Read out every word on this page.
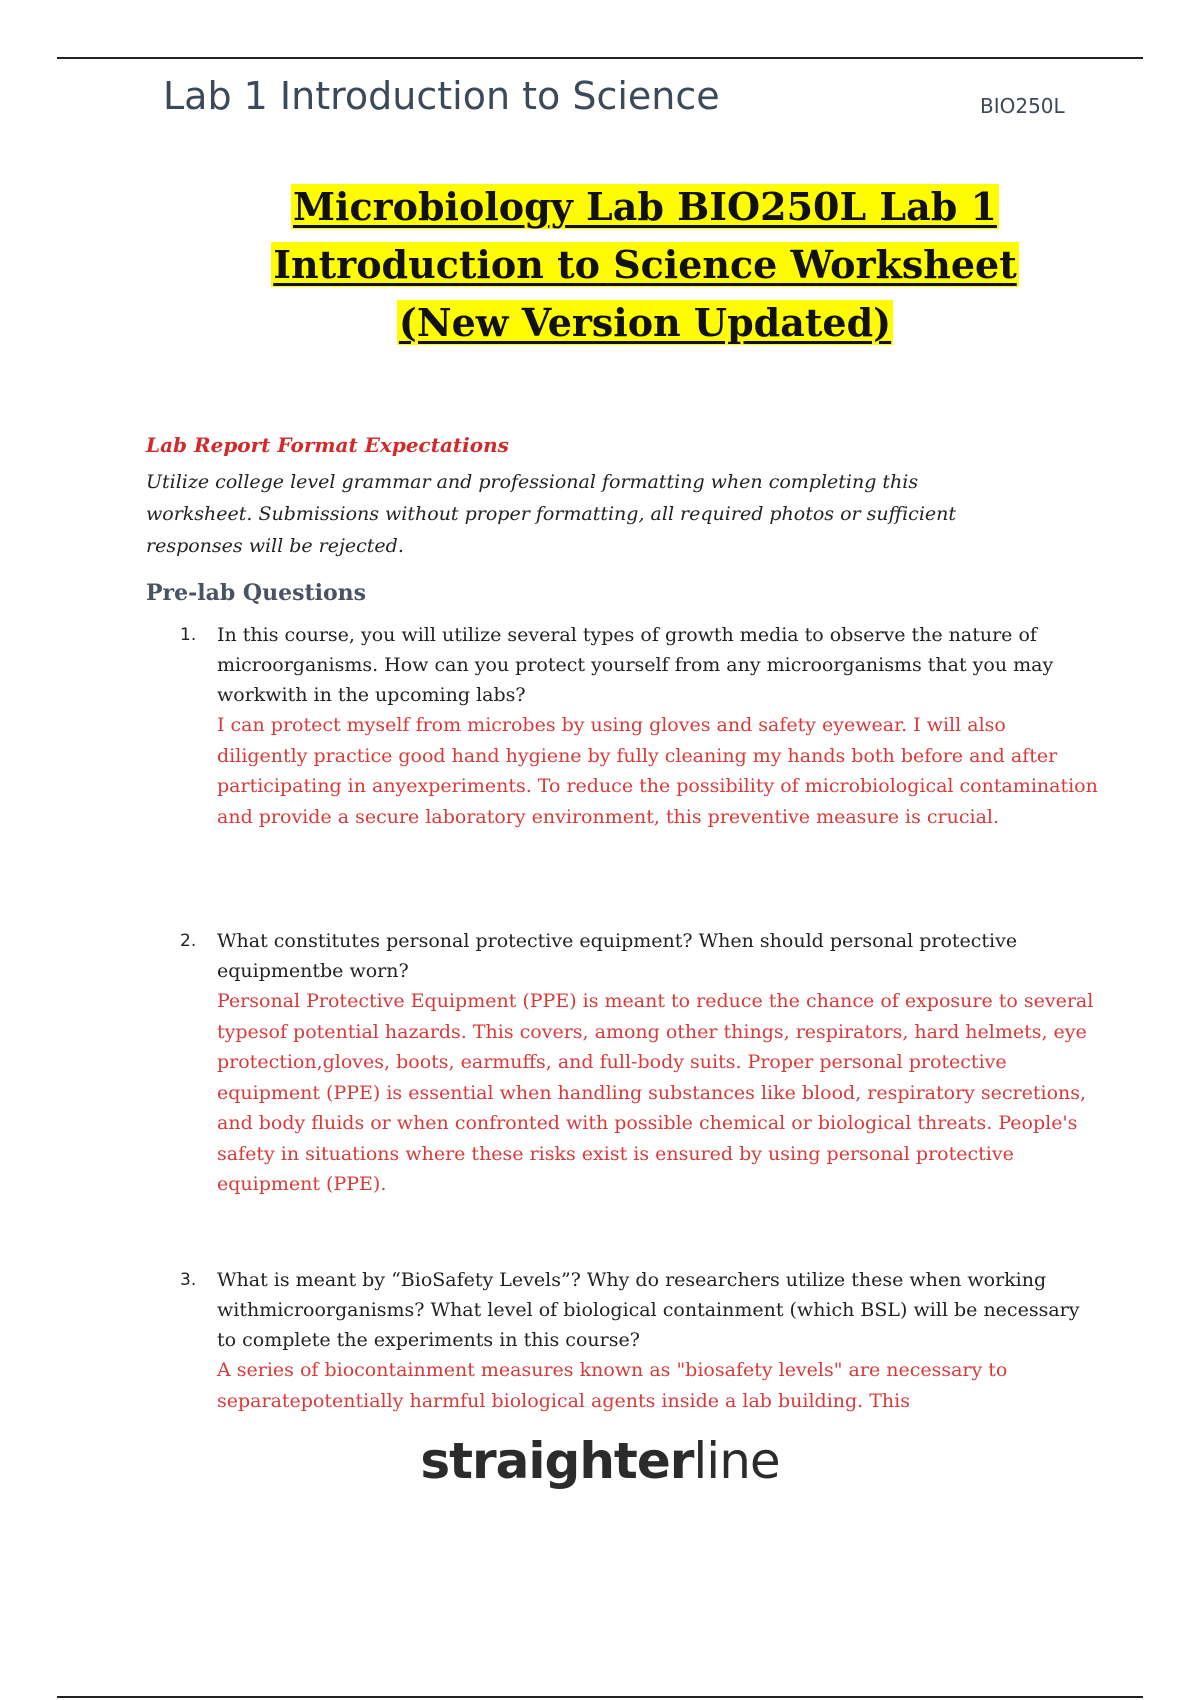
Lab 1 Introduction to Science	BIO250L
Microbiology Lab BIO250L Lab 1
Introduction to Science Worksheet
(New Version Updated)
Lab Report Format Expectations
Utilize college level grammar and professional formatting when completing this worksheet. Submissions without proper formatting, all required photos or sufficient responses will be rejected.
Pre-lab Questions
1.	In this course, you will utilize several types of growth media to observe the nature of microorganisms. How can you protect yourself from any microorganisms that you may workwith in the upcoming labs?
I can protect myself from microbes by using gloves and safety eyewear. I will also diligently practice good hand hygiene by fully cleaning my hands both before and after participating in anyexperiments. To reduce the possibility of microbiological contamination and provide a secure laboratory environment, this preventive measure is crucial.
2.	What constitutes personal protective equipment? When should personal protective equipmentbe worn?
Personal Protective Equipment (PPE) is meant to reduce the chance of exposure to several typesof potential hazards. This covers, among other things, respirators, hard helmets, eye protection,gloves, boots, earmuffs, and full-body suits. Proper personal protective equipment (PPE) is essential when handling substances like blood, respiratory secretions, and body fluids or when confronted with possible chemical or biological threats. People's safety in situations where these risks exist is ensured by using personal protective equipment (PPE).
3.	What is meant by “BioSafety Levels”? Why do researchers utilize these when working withmicroorganisms? What level of biological containment (which BSL) will be necessary to complete the experiments in this course?
A series of biocontainment measures known as "biosafety levels" are necessary to separatepotentially harmful biological agents inside a lab building. This
straighterline
